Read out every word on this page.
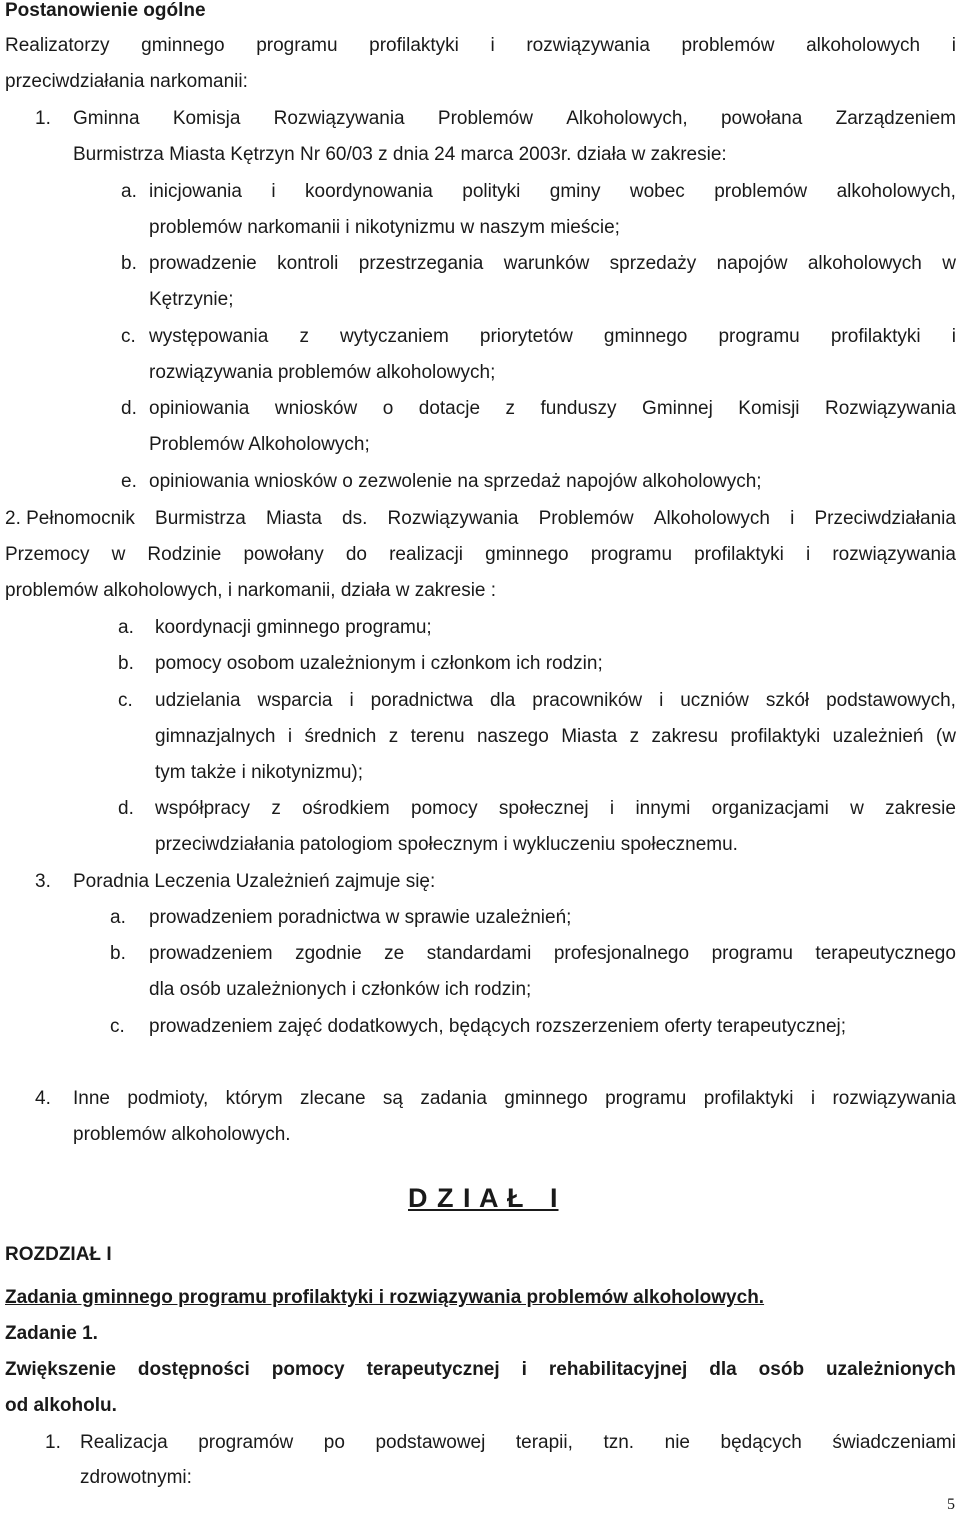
Postanowienie ogólne
Realizatorzy gminnego programu profilaktyki i rozwiązywania problemów alkoholowych i
przeciwdziałania narkomanii:
1. Gminna Komisja Rozwiązywania Problemów Alkoholowych, powołana Zarządzeniem
Burmistrza Miasta Kętrzyn Nr 60/03 z dnia 24 marca 2003r. działa w zakresie:
a. inicjowania i koordynowania polityki gminy wobec problemów alkoholowych,
problemów narkomanii i nikotynizmu w naszym mieście;
b. prowadzenie kontroli przestrzegania warunków sprzedaży napojów alkoholowych w
Kętrzynie;
c. występowania z wytyczaniem priorytetów gminnego programu profilaktyki i
rozwiązywania problemów alkoholowych;
d. opiniowania wniosków o dotacje z funduszy Gminnej Komisji Rozwiązywania
Problemów Alkoholowych;
e. opiniowania wniosków o zezwolenie na sprzedaż napojów alkoholowych;
2. Pełnomocnik Burmistrza Miasta ds. Rozwiązywania Problemów Alkoholowych i Przeciwdziałania
Przemocy w Rodzinie powołany do realizacji gminnego programu profilaktyki i rozwiązywania
problemów alkoholowych, i narkomanii, działa w zakresie :
a. koordynacji gminnego programu;
b. pomocy osobom uzależnionym i członkom ich rodzin;
c. udzielania wsparcia i poradnictwa dla pracowników i uczniów szkół podstawowych,
gimnazjalnych i średnich z terenu naszego Miasta z zakresu profilaktyki uzależnień (w
tym także i nikotynizmu);
d. współpracy z ośrodkiem pomocy społecznej i innymi organizacjami w zakresie
przeciwdziałania patologiom społecznym i wykluczeniu społecznemu.
3. Poradnia Leczenia Uzależnień zajmuje się:
a. prowadzeniem poradnictwa w sprawie uzależnień;
b. prowadzeniem zgodnie ze standardami profesjonalnego programu terapeutycznego
dla osób uzależnionych i członków ich rodzin;
c. prowadzeniem zajęć dodatkowych, będących rozszerzeniem oferty terapeutycznej;
4. Inne podmioty, którym zlecane są zadania gminnego programu profilaktyki i rozwiązywania
problemów alkoholowych.
D Z I A Ł   I
ROZDZIAŁ I
Zadania gminnego programu profilaktyki i rozwiązywania problemów alkoholowych.
Zadanie 1.
Zwiększenie dostępności pomocy terapeutycznej i rehabilitacyjnej dla osób uzależnionych
od alkoholu.
1. Realizacja programów po podstawowej terapii, tzn. nie będących świadczeniami
zdrowotnymi:
5
